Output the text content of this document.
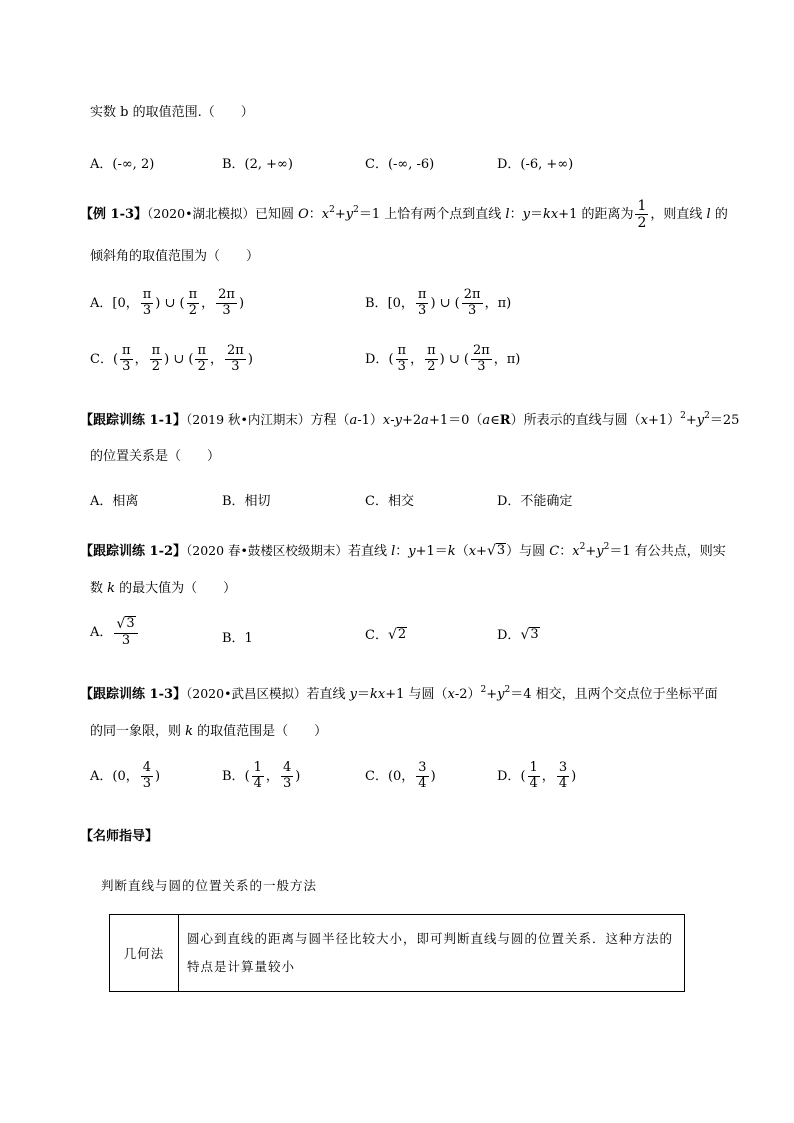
实数 b 的取值范围.（　　）
A．(-∞, 2)	B．(2, +∞)	C．(-∞, -6)	D．(-6, +∞)
【例 1-3】（2020•湖北模拟）已知圆 O：$x^2+y^2=1$ 上恰有两个点到直线 l：y＝kx+1 的距离为 $\frac{1}{2}$ ，则直线 l 的
倾斜角的取值范围为（　　）
A．[0， $\frac{\pi}{3}$ ) ∪ ( $\frac{\pi}{2}$ ， $\frac{2\pi}{3}$ )	B．[0， $\frac{\pi}{3}$ ) ∪ ( $\frac{2\pi}{3}$ ，π)
C．( $\frac{\pi}{3}$ ， $\frac{\pi}{2}$ ) ∪ ( $\frac{\pi}{2}$ ， $\frac{2\pi}{3}$ )	D．( $\frac{\pi}{3}$ ， $\frac{\pi}{2}$ ) ∪ ( $\frac{2\pi}{3}$ ，π)
【跟踪训练 1-1】（2019 秋•内江期末）方程（a-1）x-y+2a+1＝0（a∈R）所表示的直线与圆$(x+1)^2+y^2=25$
的位置关系是（　　）
A．相离	B．相切	C．相交	D．不能确定
【跟踪训练 1-2】（2020 春•鼓楼区校级期末）若直线 l：y+1＝k（x+ √ 3 ）与圆 C：$x^2+y^2=1$ 有公共点，则实
数 k 的最大值为（　　）
A． $\frac{√ 3}{3}$	B．1	C． √ 2	D． √ 3
【跟踪训练 1-3】（2020•武昌区模拟）若直线 y＝kx+1 与圆$(x-2)^2+y^2=4$ 相交，且两个交点位于坐标平面
的同一象限，则 k 的取值范围是（　　）
A．(0， $\frac{4}{3}$ )	B．( $\frac{1}{4}$ ， $\frac{4}{3}$ )	C．(0， $\frac{3}{4}$ )	D．( $\frac{1}{4}$ ， $\frac{3}{4}$ )
【名师指导】
判断直线与圆的位置关系的一般方法
几何法	圆心到直线的距离与圆半径比较大小，即可判断直线与圆的位置关系．这种方法的特点是计算量较小
